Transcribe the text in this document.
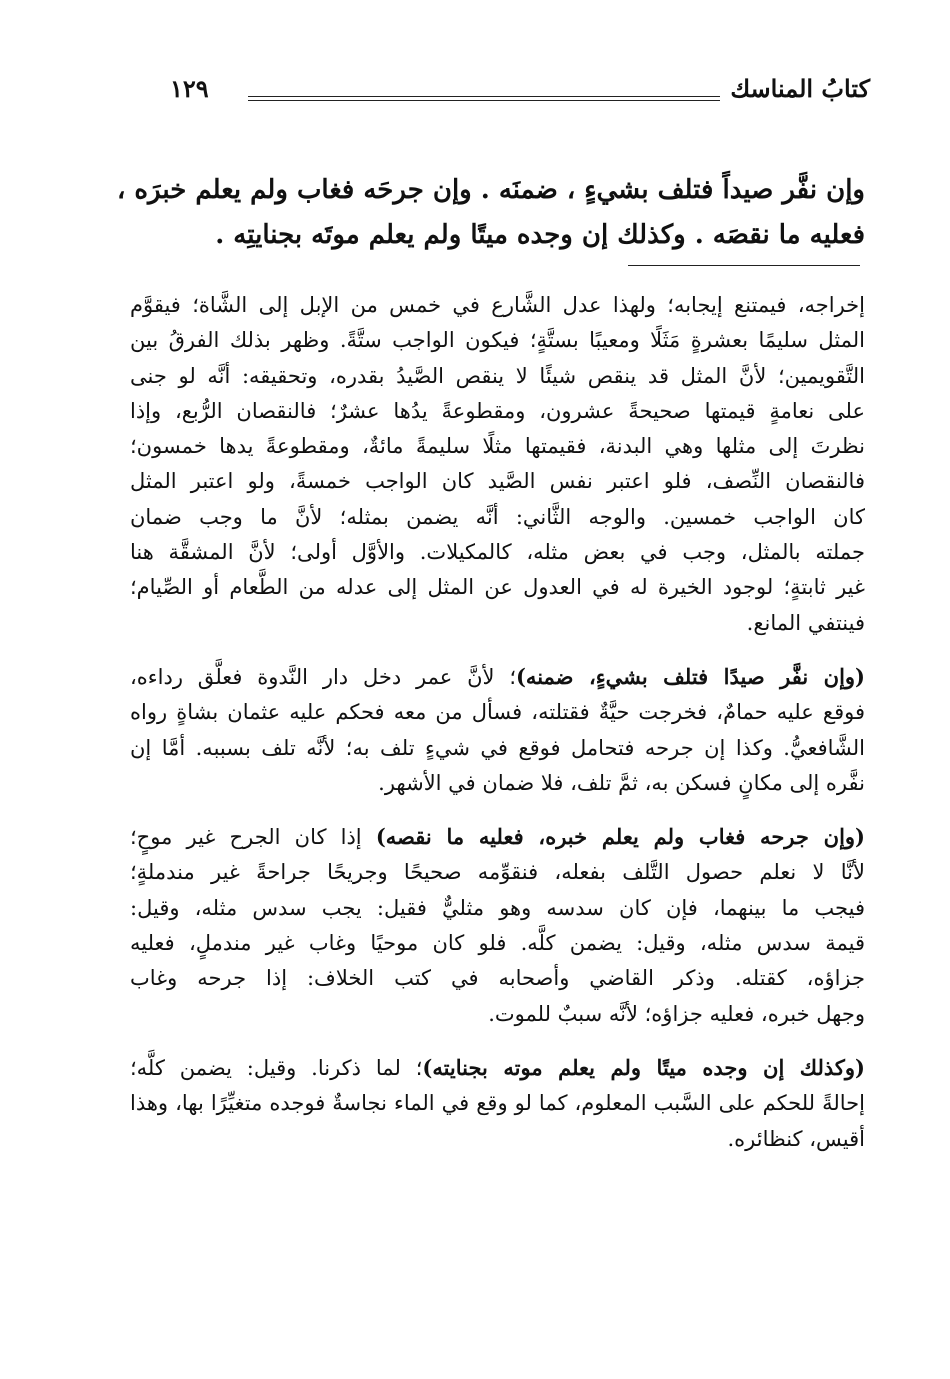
كتابُ المناسك
١٢٩
وإن نفَّر صيداً فتلف بشيءٍ ، ضمنَه . وإن جرحَه فغاب ولم يعلم خبرَه ،
فعليه ما نقصَه . وكذلك إن وجده ميتًا ولم يعلم موتَه بجنايتِه .
إخراجه، فيمتنع إيجابه؛ ولهذا عدل الشَّارع في خمس من الإبل إلى الشَّاة؛ فيقوَّم
المثل سليمًا بعشرةٍ مَثَلًا ومعيبًا بستَّةٍ؛ فيكون الواجب ستَّةً. وظهر بذلك الفرقُ بين
التَّقويمين؛ لأنَّ المثل قد ينقص شيئًا لا ينقص الصَّيدُ بقدره، وتحقيقه: أنَّه لو جنى
على نعامةٍ قيمتها صحيحةً عشرون، ومقطوعةً يدُها عشرٌ؛ فالنقصان الرُّبع، وإذا
نظرتَ إلى مثلها وهي البدنة، فقيمتها مثلًا سليمةً مائةٌ، ومقطوعةً يدها خمسون؛
فالنقصان النِّصف، فلو اعتبر نفس الصَّيد كان الواجب خمسةً، ولو اعتبر المثل
كان الواجب خمسين. والوجه الثَّاني: أنَّه يضمن بمثله؛ لأنَّ ما وجب ضمان
جملته بالمثل، وجب في بعض مثله، كالمكيلات. والأوَّل أولى؛ لأنَّ المشقَّة هنا
غير ثابتةٍ؛ لوجود الخيرة له في العدول عن المثل إلى عدله من الطَّعام أو الصِّيام؛
فينتفي المانع.
(وإن نفَّر صيدًا فتلف بشيءٍ، ضمنه)؛ لأنَّ عمر دخل دار النَّدوة فعلَّق رداءه،
فوقع عليه حمامٌ، فخرجت حيَّةٌ فقتلته، فسأل من معه فحكم عليه عثمان بشاةٍ رواه
الشَّافعيُّ. وكذا إن جرحه فتحامل فوقع في شيءٍ تلف به؛ لأنَّه تلف بسببه. أمَّا إن
نفَّره إلى مكانٍ فسكن به، ثمَّ تلف، فلا ضمان في الأشهر.
(وإن جرحه فغاب ولم يعلم خبره، فعليه ما نقصه) إذا كان الجرح غير موحٍ؛
لأنَّا لا نعلم حصول التَّلف بفعله، فنقوِّمه صحيحًا وجريحًا جراحةً غير مندملةٍ؛
فيجب ما بينهما، فإن كان سدسه وهو مثليٌّ فقيل: يجب سدس مثله، وقيل:
قيمة سدس مثله، وقيل: يضمن كلَّه. فلو كان موحيًا وغاب غير مندملٍ، فعليه
جزاؤه، كقتله. وذكر القاضي وأصحابه في كتب الخلاف: إذا جرحه وغاب
وجهل خبره، فعليه جزاؤه؛ لأنَّه سببٌ للموت.
(وكذلك إن وجده ميتًا ولم يعلم موته بجنايته)؛ لما ذكرنا. وقيل: يضمن كلَّه؛
إحالةً للحكم على السَّبب المعلوم، كما لو وقع في الماء نجاسةٌ فوجده متغيِّرًا بها، وهذا
أقيس، كنظائره.
